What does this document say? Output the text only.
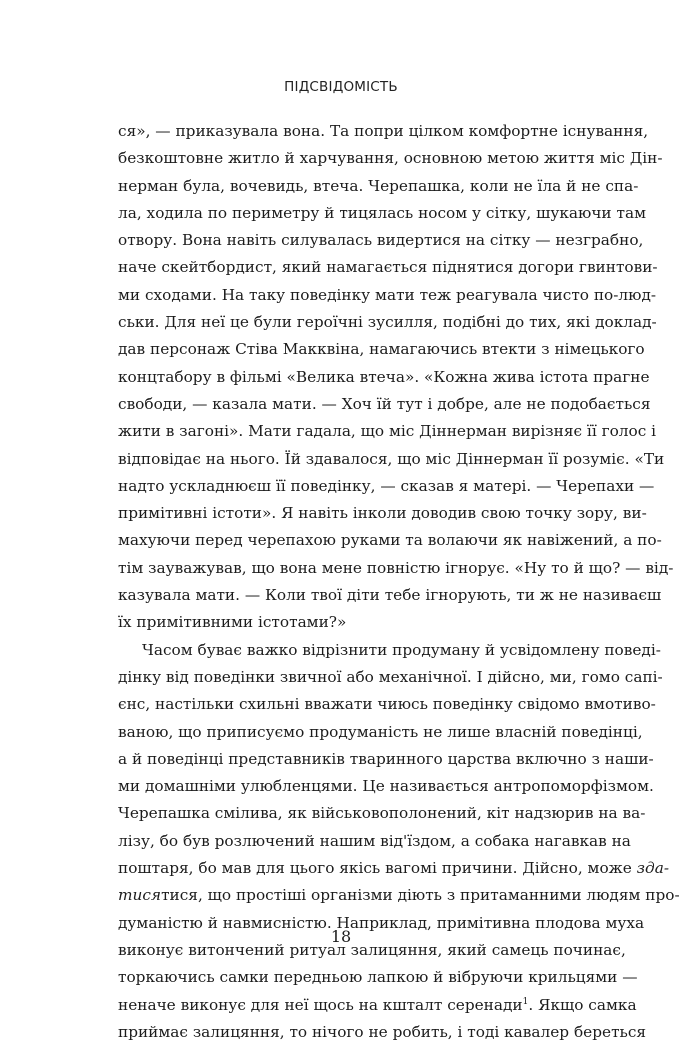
ПІДСВІДОМІСТЬ
ся», — приказувала вона. Та попри цілком комфортне існування,
безкоштовне житло й харчування, основною метою життя міс Дін-
нерман була, вочевидь, втеча. Черепашка, коли не їла й не спа-
ла, ходила по периметру й тицялась носом у сітку, шукаючи там
отвору. Вона навіть силувалась видертися на сітку — незграбно,
наче скейтбордист, який намагається піднятися догори гвинтови-
ми сходами. На таку поведінку мати теж реагувала чисто по-люд-
ськи. Для неї це були героїчні зусилля, подібні до тих, які доклад-
дав персонаж Стіва Макквіна, намагаючись втекти з німецького
концтабору в фільмі «Велика втеча». «Кожна жива істота прагне
свободи, — казала мати. — Хоч їй тут і добре, але не подобається
жити в загоні». Мати гадала, що міс Діннерман вирізняє її голос і
відповідає на нього. Їй здавалося, що міс Діннерман її розуміє. «Ти
надто ускладнюєш її поведінку, — сказав я матері. — Черепахи —
примітивні істоти». Я навіть інколи доводив свою точку зору, ви-
махуючи перед черепахою руками та волаючи як навіжений, а по-
тім зауважував, що вона мене повністю ігнорує. «Ну то й що? — від-
казувала мати. — Коли твої діти тебе ігнорують, ти ж не називаєш
їх примітивними істотами?»
Часом буває важко відрізнити продуману й усвідомлену поведі-
дінку від поведінки звичної або механічної. І дійсно, ми, гомо сапі-
єнс, настільки схильні вважати чиюсь поведінку свідомо вмотиво-
ваною, що приписуємо продуманість не лише власній поведінці,
а й поведінці представників тваринного царства включно з наши-
ми домашніми улюбленцями. Це називається антропоморфізмом.
Черепашка смілива, як військовополонений, кіт надзюрив на ва-
лізу, бо був розлючений нашим від'їздом, а собака нагавкав на
поштаря, бо мав для цього якісь вагомі причини. Дійсно, може зда-
тисятися, що простіші організми діють з притаманними людям про-
думаністю й навмисністю. Наприклад, примітивна плодова муха
виконує витончений ритуал залицяння, який самець починає,
торкаючись самки передньою лапкою й вібруючи крильцями —
неначе виконує для неї щось на кшталт серенади$^1$. Якщо самка
приймає залицяння, то нічого не робить, і тоді кавалер береться
18
